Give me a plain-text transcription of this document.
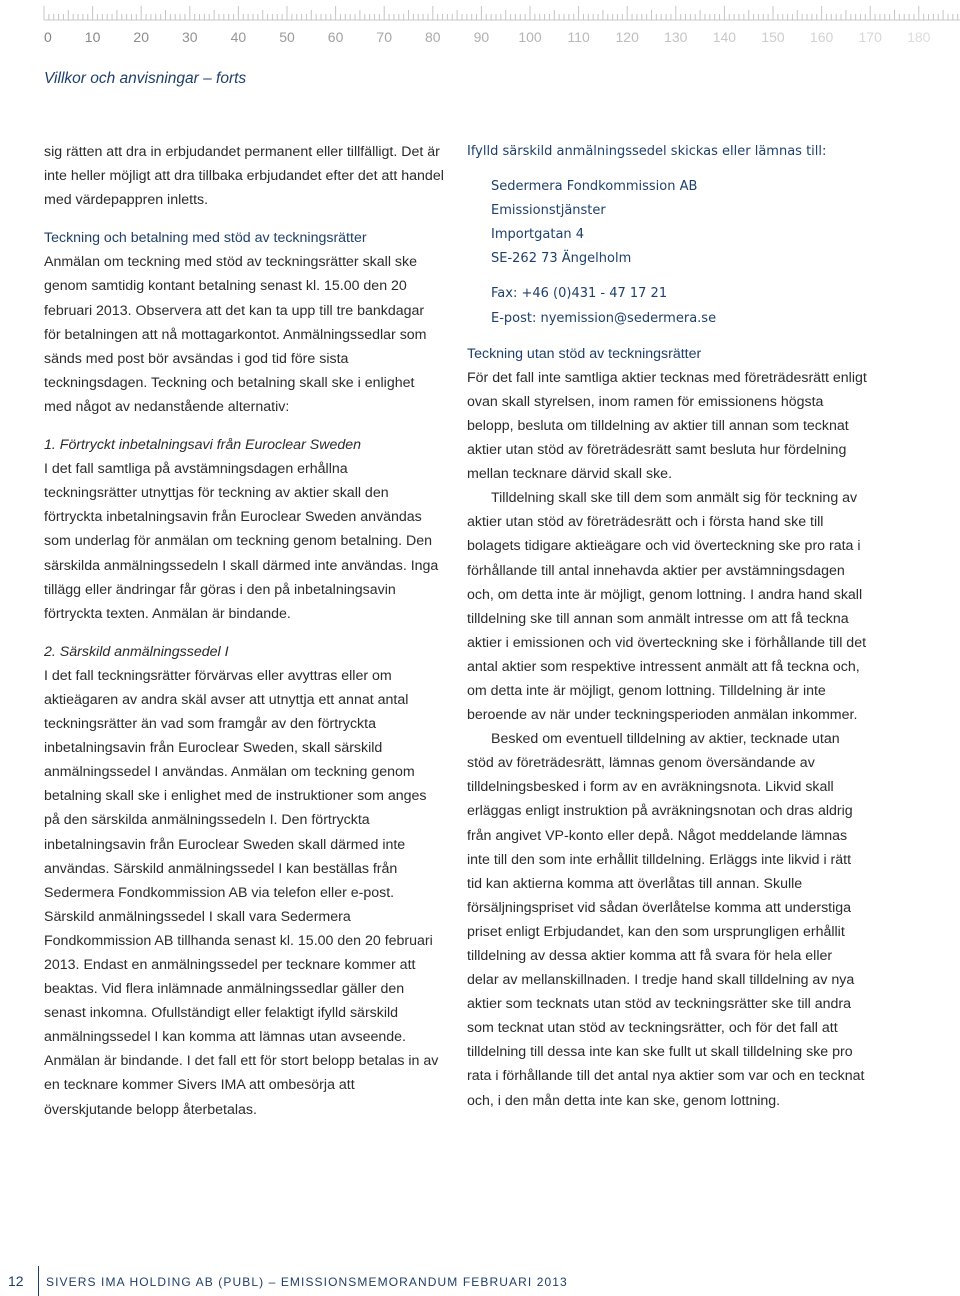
0 10 20 30 40 50 60 70 80 90 100 110 120 130 140 150 160 170 180
Villkor och anvisningar – forts

sig rätten att dra in erbjudandet permanent eller tillfälligt. Det är inte heller möjligt att dra tillbaka erbjudandet efter det att handel med värdepappren inletts.

Teckning och betalning med stöd av teckningsrätter

Anmälan om teckning med stöd av teckningsrätter skall ske genom samtidig kontant betalning senast kl. 15.00 den 20 februari 2013. Observera att det kan ta upp till tre bankdagar för betalningen att nå mottagarkontot. Anmälningssedlar som sänds med post bör avsändas i god tid före sista teckningsdagen. Teckning och betalning skall ske i enlighet med något av nedanstående alternativ:

1. Förtryckt inbetalningsavi från Euroclear Sweden

I det fall samtliga på avstämningsdagen erhållna teckningsrätter utnyttjas för teckning av aktier skall den förtryckta inbetalningsavin från Euroclear Sweden användas som underlag för anmälan om teckning genom betalning. Den särskilda anmälningssedeln I skall därmed inte användas. Inga tillägg eller ändringar får göras i den på inbetalningsavin förtryckta texten. Anmälan är bindande.

2. Särskild anmälningssedel I

I det fall teckningsrätter förvärvas eller avyttras eller om aktieägaren av andra skäl avser att utnyttja ett annat antal teckningsrätter än vad som framgår av den förtryckta inbetalningsavin från Euroclear Sweden, skall särskild anmälningssedel I användas. Anmälan om teckning genom betalning skall ske i enlighet med de instruktioner som anges på den särskilda anmälningssedeln I. Den förtryckta inbetalningsavin från Euroclear Sweden skall därmed inte användas. Särskild anmälningssedel I kan beställas från Sedermera Fondkommission AB via telefon eller e-post. Särskild anmälningssedel I skall vara Sedermera Fondkommission AB tillhanda senast kl. 15.00 den 20 februari 2013. Endast en anmälningssedel per tecknare kommer att beaktas. Vid flera inlämnade anmälningssedlar gäller den senast inkomna. Ofullständigt eller felaktigt ifylld särskild anmälningssedel I kan komma att lämnas utan avseende. Anmälan är bindande. I det fall ett för stort belopp betalas in av en tecknare kommer Sivers IMA att ombesörja att överskjutande belopp återbetalas.

Ifylld särskild anmälningssedel skickas eller lämnas till:

Sedermera Fondkommission AB

Emissionstjänster

Importgatan 4

SE-262 73 Ängelholm

Fax: +46 (0)431 - 47 17 21

E-post: nyemission@sedermera.se

Teckning utan stöd av teckningsrätter

För det fall inte samtliga aktier tecknas med företrädesrätt enligt ovan skall styrelsen, inom ramen för emissionens högsta belopp, besluta om tilldelning av aktier till annan som tecknat aktier utan stöd av företrädesrätt samt besluta hur fördelning mellan tecknare därvid skall ske.

Tilldelning skall ske till dem som anmält sig för teckning av aktier utan stöd av företrädesrätt och i första hand ske till bolagets tidigare aktieägare och vid överteckning ske pro rata i förhållande till antal innehavda aktier per avstämningsdagen och, om detta inte är möjligt, genom lottning. I andra hand skall tilldelning ske till annan som anmält intresse om att få teckna aktier i emissionen och vid överteckning ske i förhållande till det antal aktier som respektive intressent anmält att få teckna och, om detta inte är möjligt, genom lottning. Tilldelning är inte beroende av när under teckningsperioden anmälan inkommer.

Besked om eventuell tilldelning av aktier, tecknade utan stöd av företrädesrätt, lämnas genom översändande av tilldelningsbesked i form av en avräkningsnota. Likvid skall erläggas enligt instruktion på avräkningsnotan och dras aldrig från angivet VP-konto eller depå. Något meddelande lämnas inte till den som inte erhållit tilldelning. Erläggs inte likvid i rätt tid kan aktierna komma att överlåtas till annan. Skulle försäljningspriset vid sådan överlåtelse komma att understiga priset enligt Erbjudandet, kan den som ursprungligen erhållit tilldelning av dessa aktier komma att få svara för hela eller delar av mellanskillnaden. I tredje hand skall tilldelning av nya aktier som tecknats utan stöd av teckningsrätter ske till andra som tecknat utan stöd av teckningsrätter, och för det fall att tilldelning till dessa inte kan ske fullt ut skall tilldelning ske pro rata i förhållande till det antal nya aktier som var och en tecknat och, i den mån detta inte kan ske, genom lottning.

12 SIVERS IMA HOLDING AB (PUBL) – EMISSIONSMEMORANDUM FEBRUARI 2013
